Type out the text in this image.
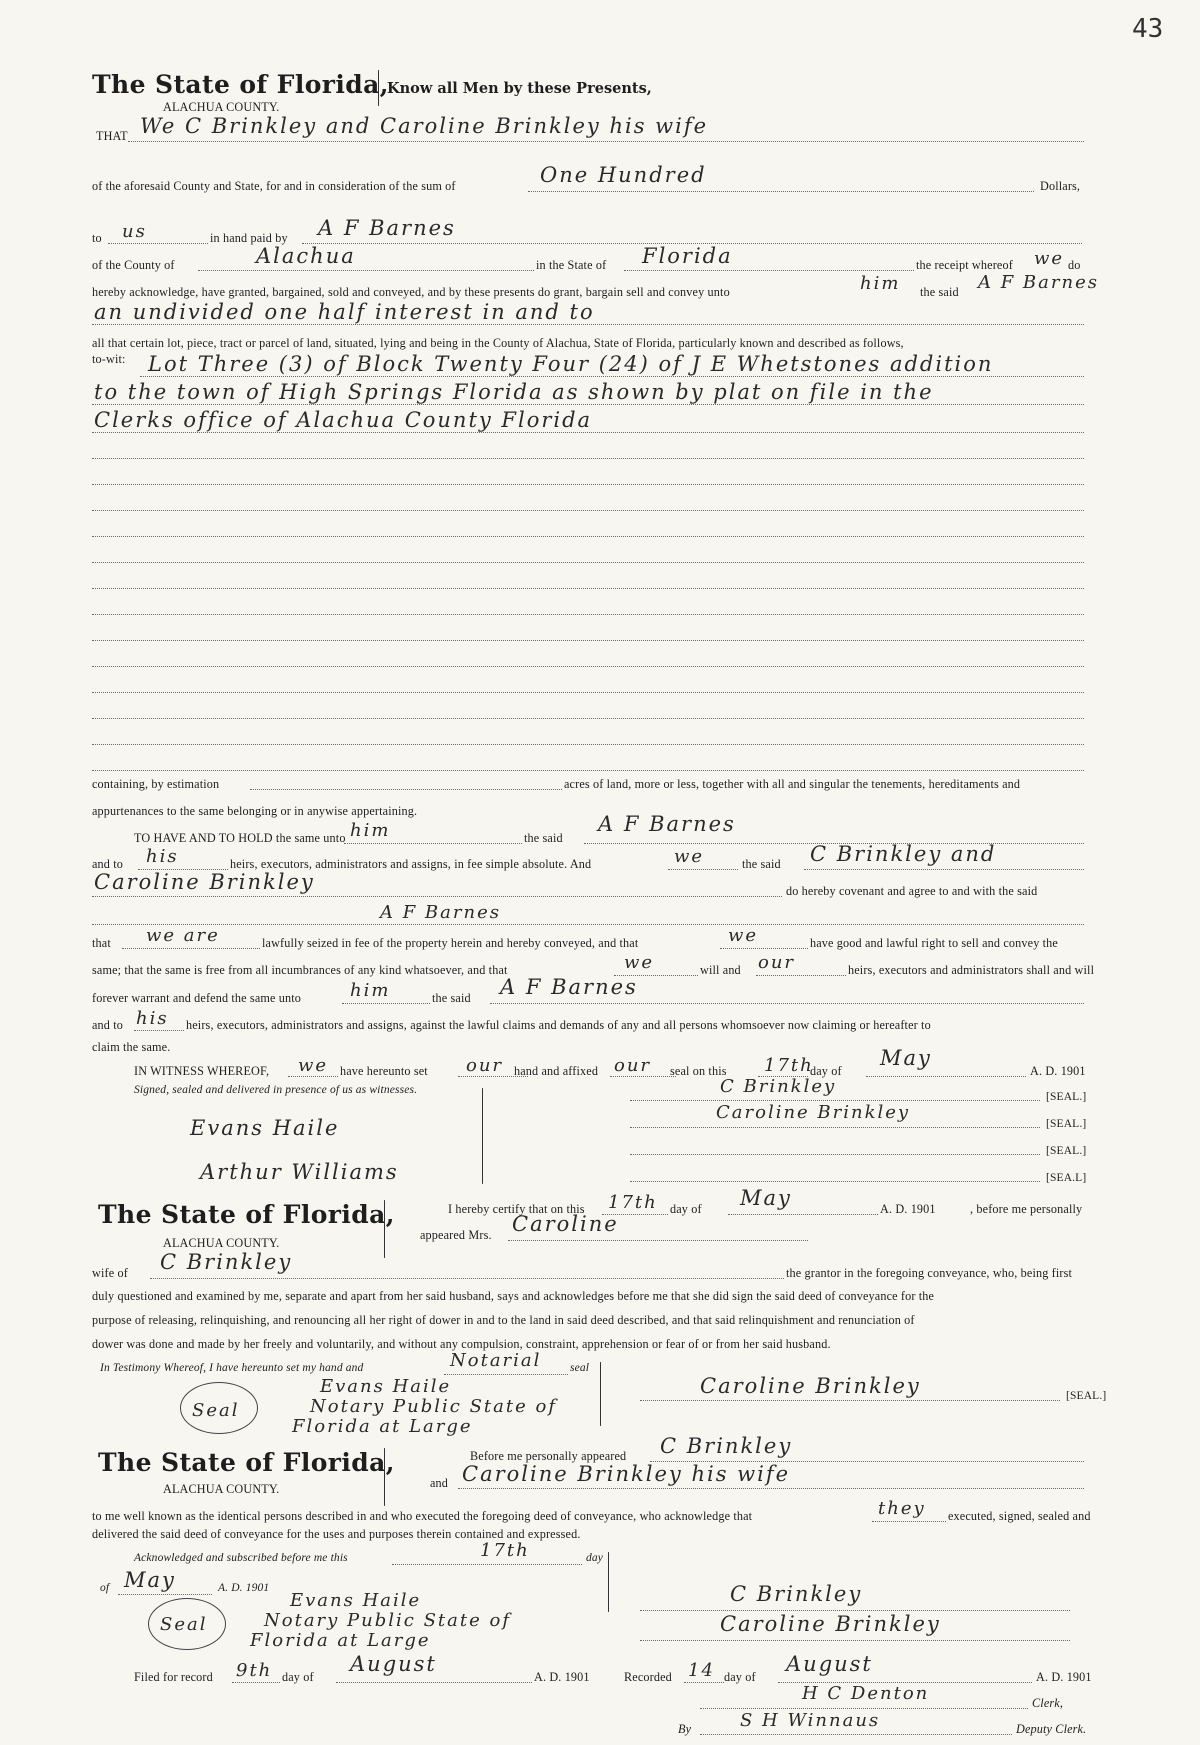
43
The State of Florida,
Know all Men by these Presents,
ALACHUA COUNTY.
THAT We C Brinkley and Caroline Brinkley his wife
of the aforesaid County and State, for and in consideration of the sum of	One Hundred	Dollars,
to us	in hand paid by A F Barnes
of the County of	Alachua	in the State of Florida	the receipt whereof we do
hereby acknowledge, have granted, bargained, sold and conveyed, and by these presents do grant, bargain sell and convey unto	him the said A F Barnes
an undivided one half interest in and to
all that certain lot, piece, tract or parcel of land, situated, lying and being in the County of Alachua, State of Florida, particularly known and described as follows,
to-wit: Lot Three (3) of Block Twenty Four (24) of J E Whetstones addition
to the town of High Springs Florida as shown by plat on file in the
Clerks office of Alachua County Florida
containing, by estimation	acres of land, more or less, together with all and singular the tenements, hereditaments and
appurtenances to the same belonging or in anywise appertaining.
TO HAVE AND TO HOLD the same unto him	the said
A F Barnes
and to his	heirs, executors, administrators and assigns, in fee simple absolute. And	we	the said C Brinkley and
Caroline Brinkley	do hereby covenant and agree to and with the said
A F Barnes
that we are	lawfully seized in fee of the property herein and hereby conveyed, and that	we	have good and lawful right to sell and convey the
same; that the same is free from all incumbrances of any kind whatsoever, and that	we	will and our	heirs, executors and administrators shall and will
forever warrant and defend the same unto	him	the said A F Barnes
and to his heirs, executors, administrators and assigns, against the lawful claims and demands of any and all persons whomsoever now claiming or hereafter to
claim the same.
IN WITNESS WHEREOF, we have hereunto set our hand and affixed our seal on this 17th
day of
May
A. D. 1901
Signed, sealed and delivered in presence of us as witnesses.
Evans Haile
Arthur Williams
C Brinkley	[SEAL.]
Caroline Brinkley
[SEAL.]
[SEAL.]
[SEA.L]
The State of Florida,
ALACHUA COUNTY.
I hereby certify that on this 17th day of May	A. D. 1901	, before me personally
appeared Mrs. Caroline
wife of C Brinkley	the grantor in the foregoing conveyance, who, being first
duly questioned and examined by me, separate and apart from her said husband, says and acknowledges before me that she did sign the said deed of conveyance for the
purpose of releasing, relinquishing, and renouncing all her right of dower in and to the land in said deed described, and that said relinquishment and renunciation of
dower was done and made by her freely and voluntarily, and without any compulsion, constraint, apprehension or fear of or from her said husband.
In Testimony Whereof, I have hereunto set my hand and	Notarial seal
Seal
Evans Haile
Notary Public State of
Florida at Large
Caroline Brinkley	[SEAL.]
The State of Florida,
ALACHUA COUNTY.
Before me personally appeared C Brinkley
and Caroline Brinkley his wife
to me well known as the identical persons described in and who executed the foregoing deed of conveyance, who acknowledge that	they executed, signed, sealed and
delivered the said deed of conveyance for the uses and purposes therein contained and expressed.
Acknowledged and subscribed before me this	17th	day
of May	A. D. 1901
Seal
Evans Haile
Notary Public State of
Florida at Large
C Brinkley
Caroline Brinkley
Filed for record 9th day of
August
A. D. 1901	Recorded 14 day of
August
A. D. 1901
H C Denton	Clerk,
By	S H Winnaus	Deputy Clerk.
